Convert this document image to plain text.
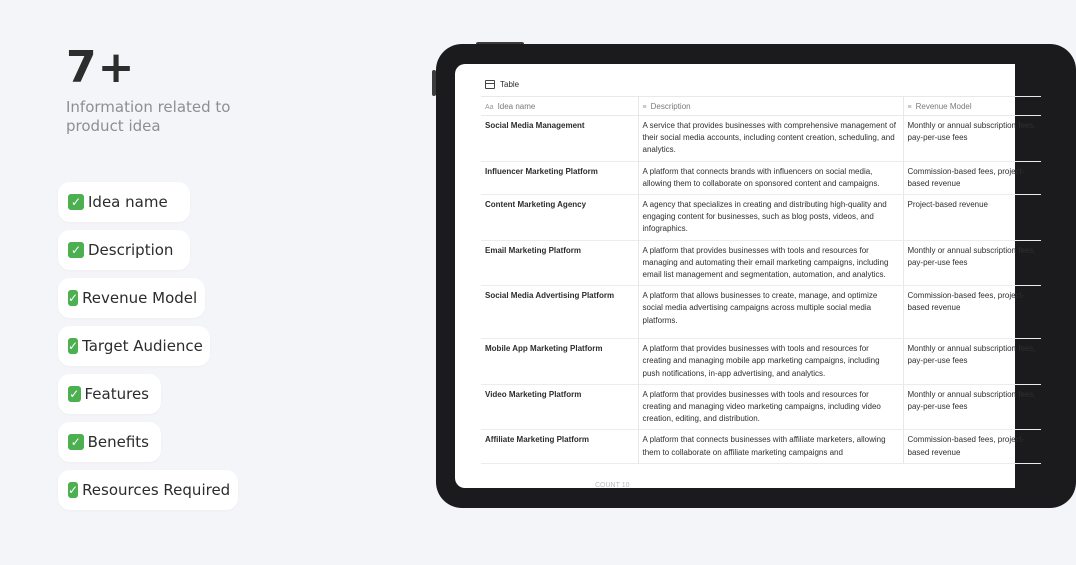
7+
Information related to product idea
✓ Idea name
✓ Description
✓ Revenue Model
✓ Target Audience
✓ Features
✓ Benefits
✓ Resources Required
Table
Aa Idea name	≡ Description	≡ Revenue Model
Social Media Management	A service that provides businesses with comprehensive management of their social media accounts, including content creation, scheduling, and analytics.	Monthly or annual subscription fees, pay-per-use fees
Influencer Marketing Platform	A platform that connects brands with influencers on social media, allowing them to collaborate on sponsored content and campaigns.	Commission-based fees, project-based revenue
Content Marketing Agency	A agency that specializes in creating and distributing high-quality and engaging content for businesses, such as blog posts, videos, and infographics.	Project-based revenue
Email Marketing Platform	A platform that provides businesses with tools and resources for managing and automating their email marketing campaigns, including email list management and segmentation, automation, and analytics.	Monthly or annual subscription fees, pay-per-use fees
Social Media Advertising Platform	A platform that allows businesses to create, manage, and optimize social media advertising campaigns across multiple social media platforms.	Commission-based fees, project-based revenue
Mobile App Marketing Platform	A platform that provides businesses with tools and resources for creating and managing mobile app marketing campaigns, including push notifications, in-app advertising, and analytics.	Monthly or annual subscription fees, pay-per-use fees
Video Marketing Platform	A platform that provides businesses with tools and resources for creating and managing video marketing campaigns, including video creation, editing, and distribution.	Monthly or annual subscription fees, pay-per-use fees
Affiliate Marketing Platform	A platform that connects businesses with affiliate marketers, allowing them to collaborate on affiliate marketing campaigns and	Commission-based fees, project-based revenue
COUNT 10
